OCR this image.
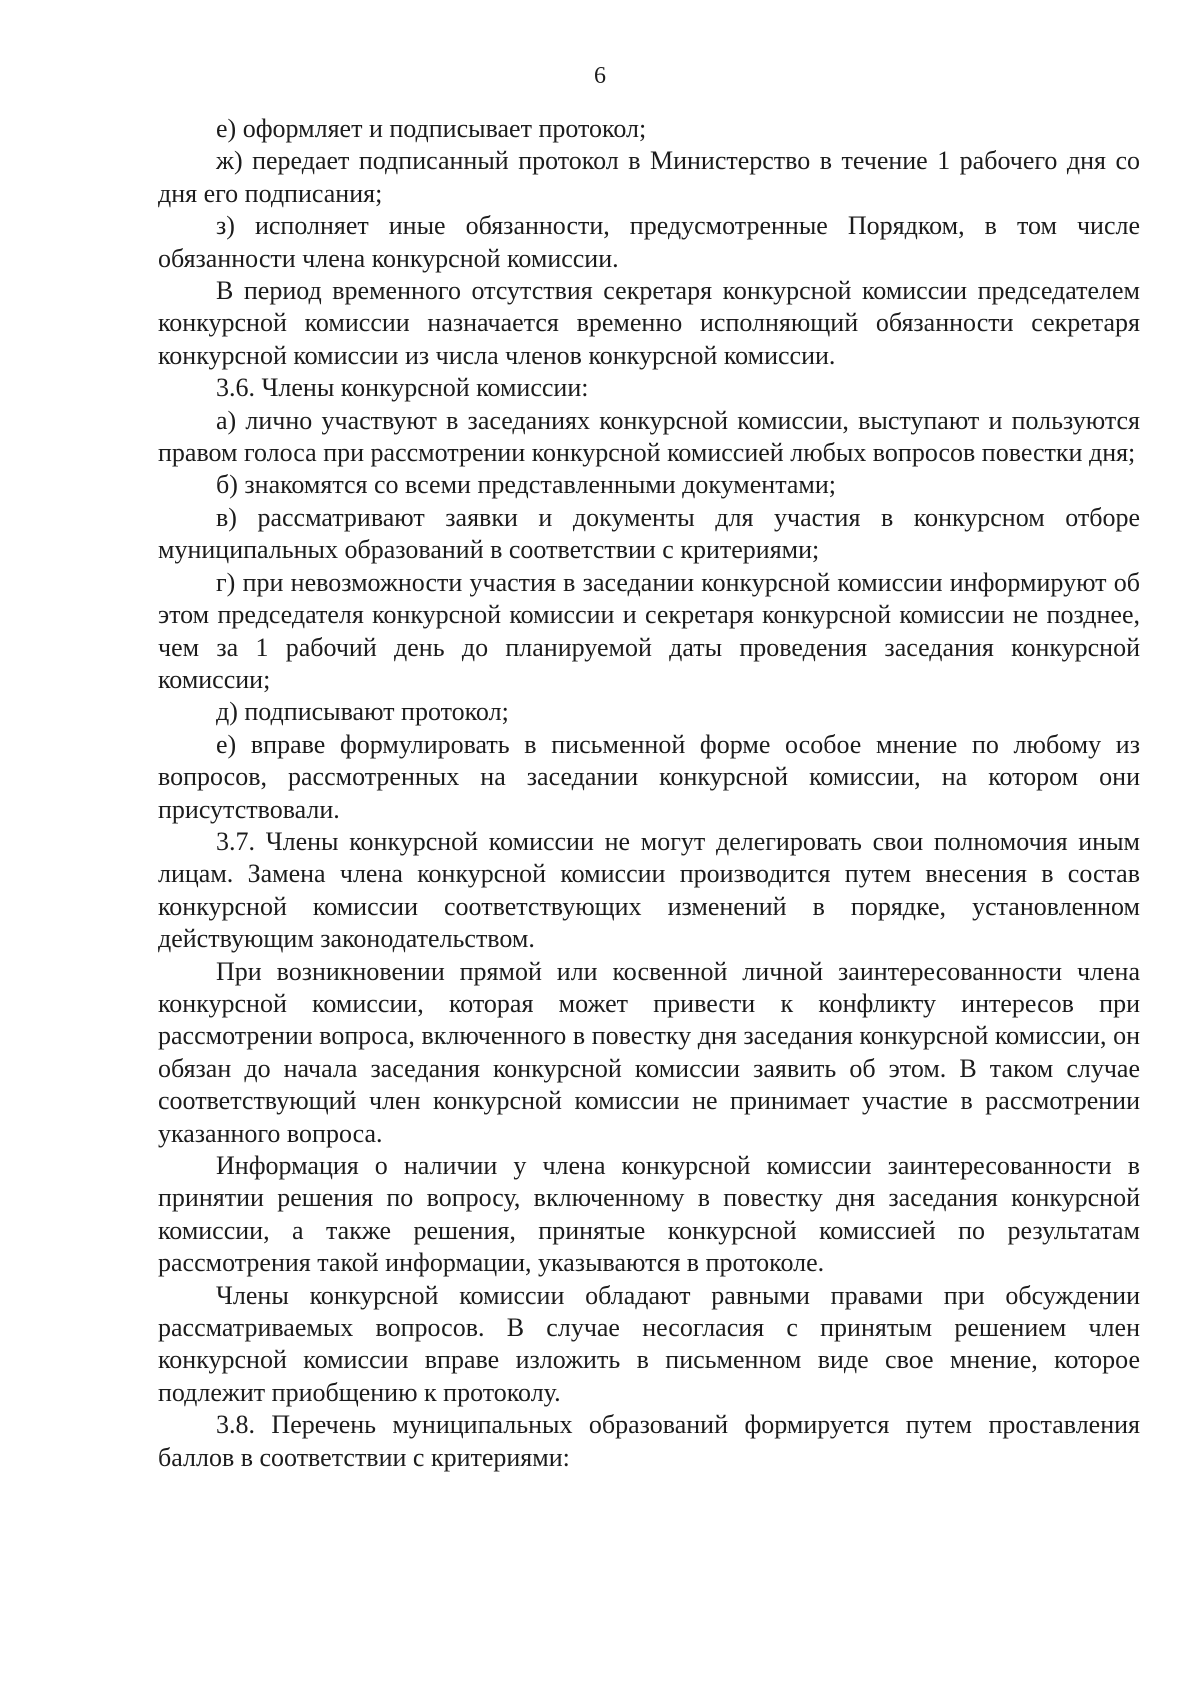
6

е) оформляет и подписывает протокол;

ж) передает подписанный протокол в Министерство в течение 1 рабочего дня со дня его подписания;

з) исполняет иные обязанности, предусмотренные Порядком, в том числе обязанности члена конкурсной комиссии.

В период временного отсутствия секретаря конкурсной комиссии председателем конкурсной комиссии назначается временно исполняющий обязанности секретаря конкурсной комиссии из числа членов конкурсной комиссии.

3.6. Члены конкурсной комиссии:

а) лично участвуют в заседаниях конкурсной комиссии, выступают и пользуются правом голоса при рассмотрении конкурсной комиссией любых вопросов повестки дня;

б) знакомятся со всеми представленными документами;

в) рассматривают заявки и документы для участия в конкурсном отборе муниципальных образований в соответствии с критериями;

г) при невозможности участия в заседании конкурсной комиссии информируют об этом председателя конкурсной комиссии и секретаря конкурсной комиссии не позднее, чем за 1 рабочий день до планируемой даты проведения заседания конкурсной комиссии;

д) подписывают протокол;

е) вправе формулировать в письменной форме особое мнение по любому из вопросов, рассмотренных на заседании конкурсной комиссии, на котором они присутствовали.

3.7. Члены конкурсной комиссии не могут делегировать свои полномочия иным лицам. Замена члена конкурсной комиссии производится путем внесения в состав конкурсной комиссии соответствующих изменений в порядке, установленном действующим законодательством.

При возникновении прямой или косвенной личной заинтересованности члена конкурсной комиссии, которая может привести к конфликту интересов при рассмотрении вопроса, включенного в повестку дня заседания конкурсной комиссии, он обязан до начала заседания конкурсной комиссии заявить об этом. В таком случае соответствующий член конкурсной комиссии не принимает участие в рассмотрении указанного вопроса.

Информация о наличии у члена конкурсной комиссии заинтересованности в принятии решения по вопросу, включенному в повестку дня заседания конкурсной комиссии, а также решения, принятые конкурсной комиссией по результатам рассмотрения такой информации, указываются в протоколе.

Члены конкурсной комиссии обладают равными правами при обсуждении рассматриваемых вопросов. В случае несогласия с принятым решением член конкурсной комиссии вправе изложить в письменном виде свое мнение, которое подлежит приобщению к протоколу.

3.8. Перечень муниципальных образований формируется путем проставления баллов в соответствии с критериями:
